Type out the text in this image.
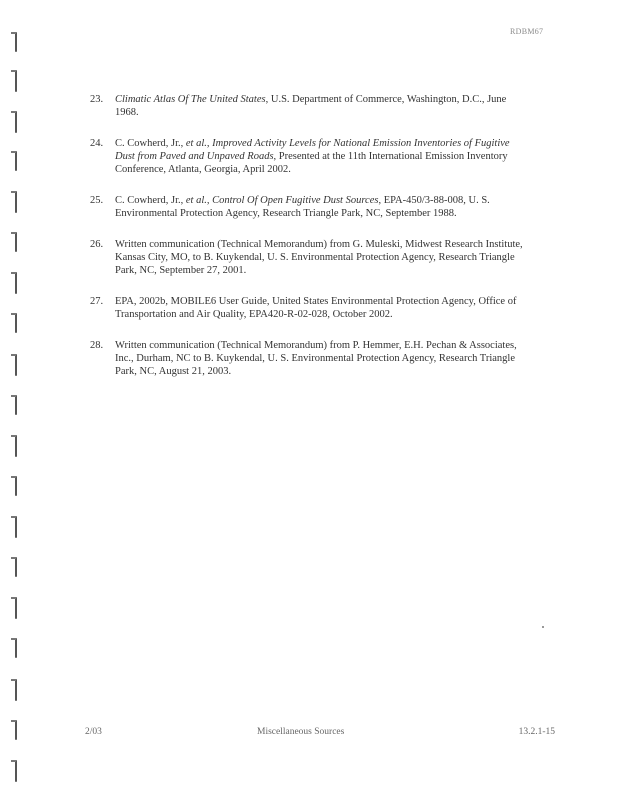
RDBM67
23. Climatic Atlas Of The United States, U.S. Department of Commerce, Washington, D.C., June 1968.
24. C. Cowherd, Jr., et al., Improved Activity Levels for National Emission Inventories of Fugitive Dust from Paved and Unpaved Roads, Presented at the 11th International Emission Inventory Conference, Atlanta, Georgia, April 2002.
25. C. Cowherd, Jr., et al., Control Of Open Fugitive Dust Sources, EPA-450/3-88-008, U. S. Environmental Protection Agency, Research Triangle Park, NC, September 1988.
26. Written communication (Technical Memorandum) from G. Muleski, Midwest Research Institute, Kansas City, MO, to B. Kuykendal, U. S. Environmental Protection Agency, Research Triangle Park, NC, September 27, 2001.
27. EPA, 2002b, MOBILE6 User Guide, United States Environmental Protection Agency, Office of Transportation and Air Quality, EPA420-R-02-028, October 2002.
28. Written communication (Technical Memorandum) from P. Hemmer, E.H. Pechan & Associates, Inc., Durham, NC to B. Kuykendal, U. S. Environmental Protection Agency, Research Triangle Park, NC, August 21, 2003.
2/03	Miscellaneous Sources	13.2.1-15
